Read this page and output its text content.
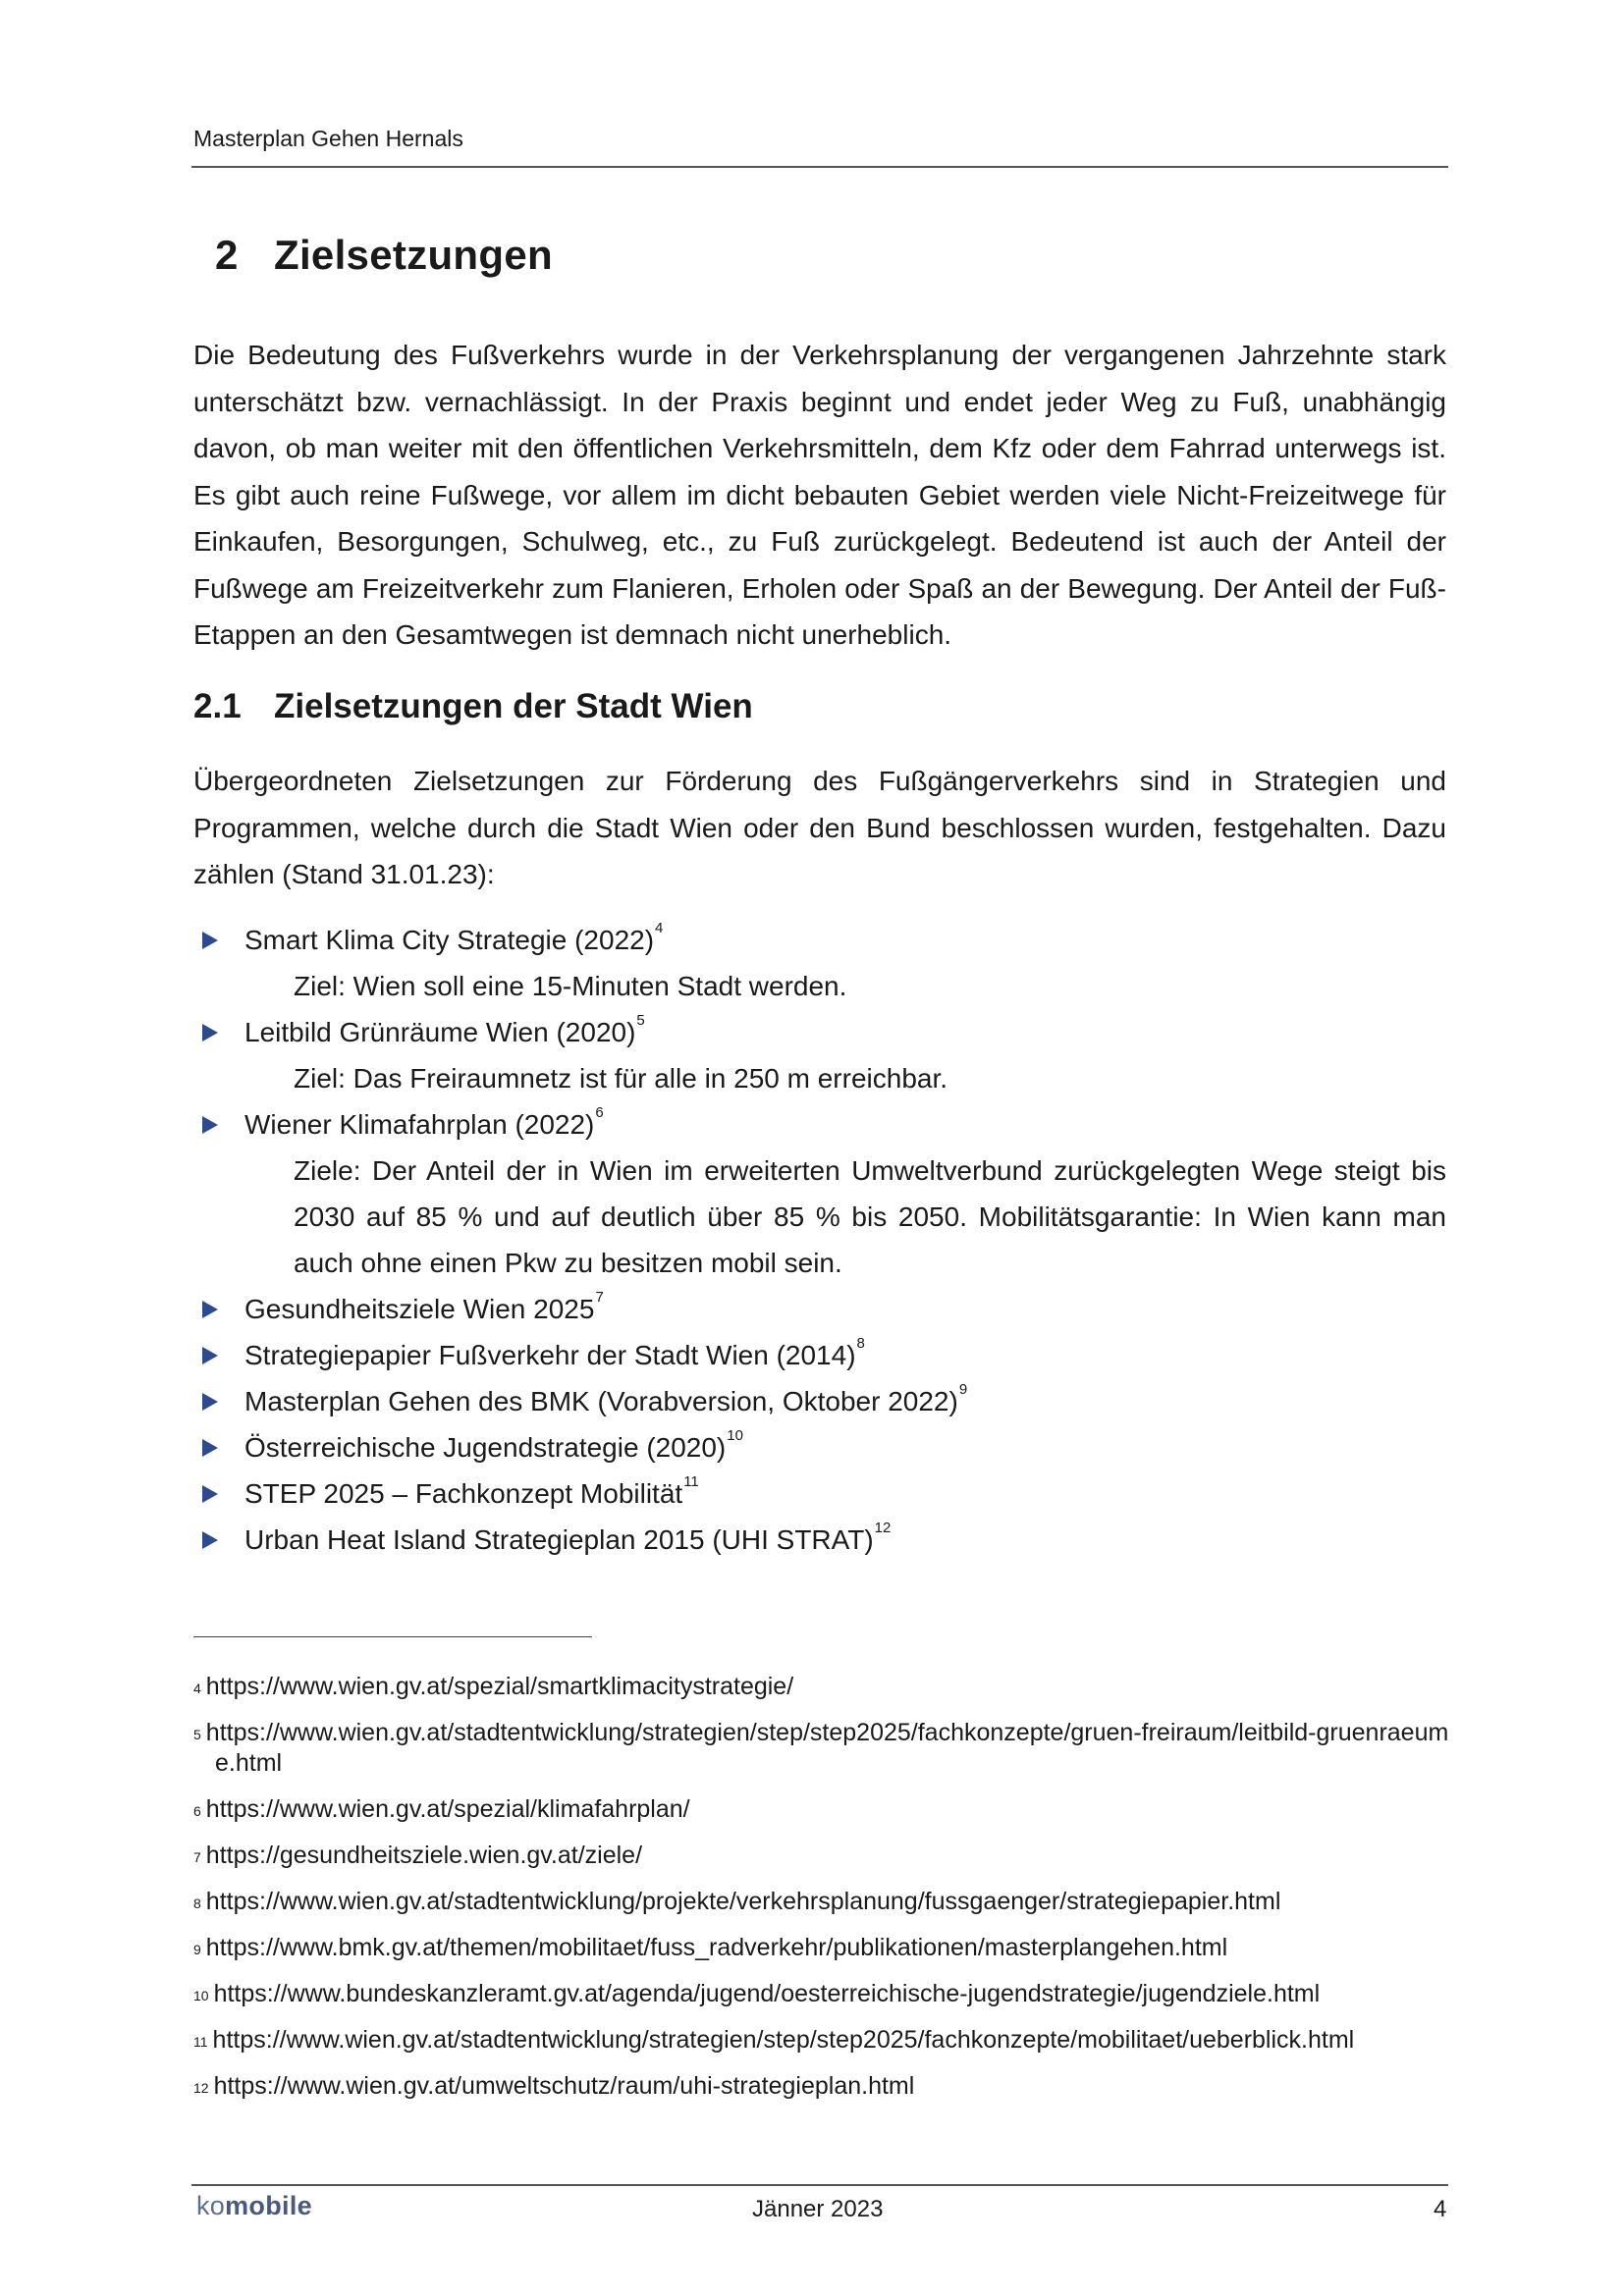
Masterplan Gehen Hernals
2 Zielsetzungen
Die Bedeutung des Fußverkehrs wurde in der Verkehrsplanung der vergangenen Jahrzehnte stark unterschätzt bzw. vernachlässigt. In der Praxis beginnt und endet jeder Weg zu Fuß, unabhängig davon, ob man weiter mit den öffentlichen Verkehrsmitteln, dem Kfz oder dem Fahrrad unterwegs ist. Es gibt auch reine Fußwege, vor allem im dicht bebauten Gebiet werden viele Nicht-Freizeitwege für Einkaufen, Besorgungen, Schulweg, etc., zu Fuß zurückgelegt. Bedeutend ist auch der Anteil der Fußwege am Freizeitverkehr zum Flanieren, Erholen oder Spaß an der Bewegung. Der Anteil der Fuß-Etappen an den Gesamtwegen ist demnach nicht unerheblich.
2.1 Zielsetzungen der Stadt Wien
Übergeordneten Zielsetzungen zur Förderung des Fußgängerverkehrs sind in Strategien und Programmen, welche durch die Stadt Wien oder den Bund beschlossen wurden, festgehalten. Dazu zählen (Stand 31.01.23):
Smart Klima City Strategie $(2022)^4$
Ziel: Wien soll eine 15-Minuten Stadt werden.
Leitbild Grünräume Wien $(2020)^5$
Ziel: Das Freiraumnetz ist für alle in 250 m erreichbar.
Wiener Klimafahrplan $(2022)^6$
Ziele: Der Anteil der in Wien im erweiterten Umweltverbund zurückgelegten Wege steigt bis 2030 auf 85 % und auf deutlich über 85 % bis 2050. Mobilitätsgarantie: In Wien kann man auch ohne einen Pkw zu besitzen mobil sein.
Gesundheitsziele Wien 2025$^7$
Strategiepapier Fußverkehr der Stadt Wien $(2014)^8$
Masterplan Gehen des BMK (Vorabversion, Oktober 2022)$^9$
Österreichische Jugendstrategie $(2020)^{10}$
STEP 2025 – Fachkonzept Mobilität$^{11}$
Urban Heat Island Strategieplan 2015 (UHI STRAT)$^{12}$
$^4$ https://www.wien.gv.at/spezial/smartklimacitystrategie/
$^5$ https://www.wien.gv.at/stadtentwicklung/strategien/step/step2025/fachkonzepte/gruen-freiraum/leitbild-gruenraeume.html
$^6$ https://www.wien.gv.at/spezial/klimafahrplan/
$^7$ https://gesundheitsziele.wien.gv.at/ziele/
$^8$ https://www.wien.gv.at/stadtentwicklung/projekte/verkehrsplanung/fussgaenger/strategiepapier.html
$^9$ https://www.bmk.gv.at/themen/mobilitaet/fuss_radverkehr/publikationen/masterplangehen.html
$^{10}$ https://www.bundeskanzleramt.gv.at/agenda/jugend/oesterreichische-jugendstrategie/jugendziele.html
$^{11}$ https://www.wien.gv.at/stadtentwicklung/strategien/step/step2025/fachkonzepte/mobilitaet/ueberblick.html
$^{12}$ https://www.wien.gv.at/umweltschutz/raum/uhi-strategieplan.html
komobile	Jänner 2023	4
